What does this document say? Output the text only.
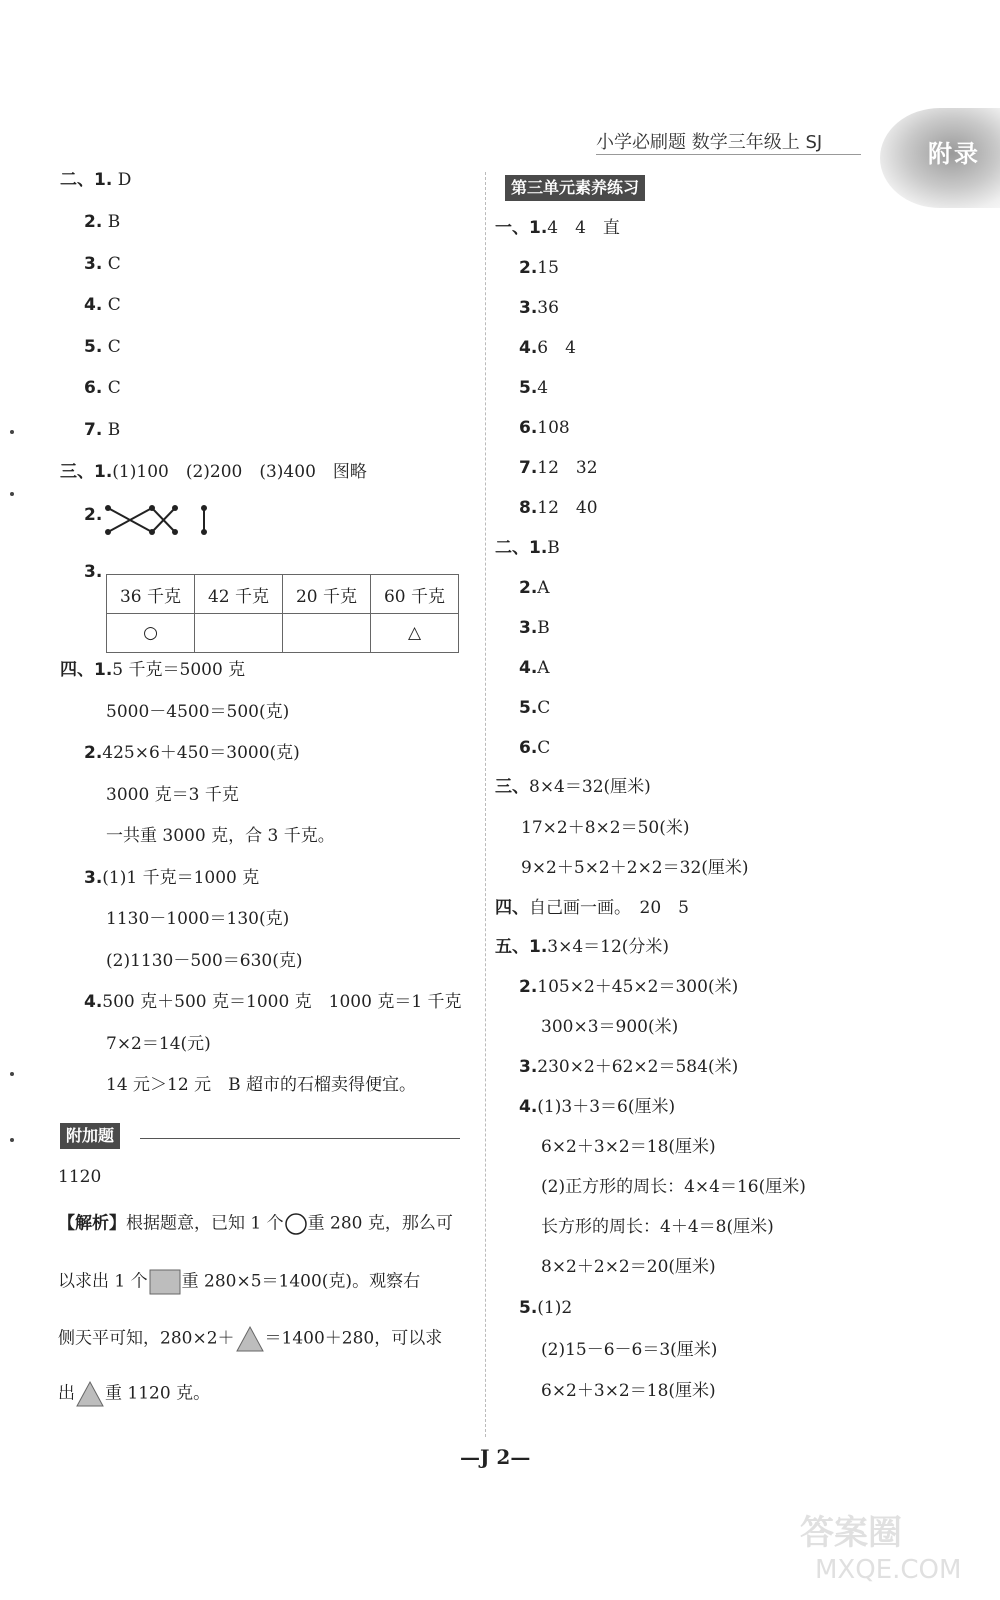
小学必刷题 数学三年级上 SJ	附录
二、1. D
2. B
3. C
4. C
5. C
6. C
7. B
三、1.(1)100　(2)200　(3)400　图略
2.
3.
36 千克	42 千克	20 千克	60 千克
○			△
四、1.5 千克＝5000 克
5000－4500＝500(克)
2.425×6＋450＝3000(克)
3000 克＝3 千克
一共重 3000 克，合 3 千克。
3.(1)1 千克＝1000 克
1130－1000＝130(克)
(2)1130－500＝630(克)
4.500 克＋500 克＝1000 克　1000 克＝1 千克
7×2＝14(元)
14 元＞12 元　B 超市的石榴卖得便宜。
附加题
1120
【解析】根据题意，已知 1 个 重 280 克，那么可
以求出 1 个 重 280×5＝1400(克)。观察右
侧天平可知，280×2＋ ＝1400＋280，可以求
出 重 1120 克。
第三单元素养练习
一、1.4　4　直
2.15
3.36
4.6　4
5.4
6.108
7.12　32
8.12　40
二、1.B
2.A
3.B
4.A
5.C
6.C
三、8×4＝32(厘米)
17×2＋8×2＝50(米)
9×2＋5×2＋2×2＝32(厘米)
四、自己画一画。　20　5
五、1.3×4＝12(分米)
2.105×2＋45×2＝300(米)
300×3＝900(米)
3.230×2＋62×2＝584(米)
4.(1)3＋3＝6(厘米)
6×2＋3×2＝18(厘米)
(2)正方形的周长：4×4＝16(厘米)
长方形的周长：4＋4＝8(厘米)
8×2＋2×2＝20(厘米)
5.(1)2
(2)15－6－6＝3(厘米)
6×2＋3×2＝18(厘米)
—J 2—
答案圈
MXQE.COM
